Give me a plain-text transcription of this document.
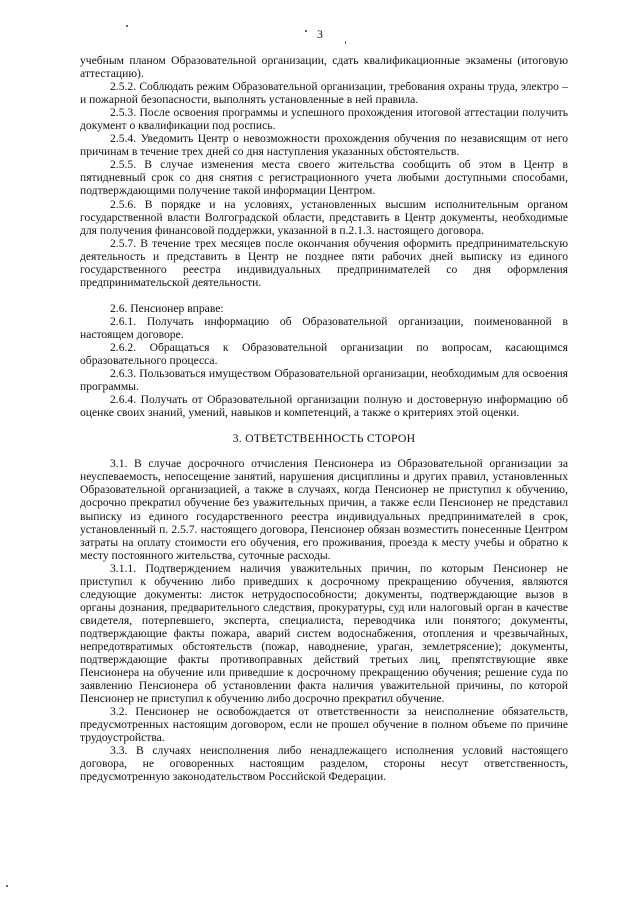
3

учебным планом Образовательной организации, сдать квалификационные экзамены (итоговую аттестацию).

2.5.2. Соблюдать режим Образовательной организации, требования охраны труда, электро – и пожарной безопасности, выполнять установленные в ней правила.

2.5.3. После освоения программы и успешного прохождения итоговой аттестации получить документ о квалификации под роспись.

2.5.4. Уведомить Центр о невозможности прохождения обучения по независящим от него причинам в течение трех дней со дня наступления указанных обстоятельств.

2.5.5. В случае изменения места своего жительства сообщить об этом в Центр в пятидневный срок со дня снятия с регистрационного учета любыми доступными способами, подтверждающими получение такой информации Центром.

2.5.6. В порядке и на условиях, установленных высшим исполнительным органом государственной власти Волгоградской области, представить в Центр документы, необходимые для получения финансовой поддержки, указанной в п.2.1.3. настоящего договора.

2.5.7. В течение трех месяцев после окончания обучения оформить предпринимательскую деятельность и представить в Центр не позднее пяти рабочих дней выписку из единого государственного реестра индивидуальных предпринимателей со дня оформления предпринимательской деятельности.

2.6. Пенсионер вправе:

2.6.1. Получать информацию об Образовательной организации, поименованной в настоящем договоре.

2.6.2. Обращаться к Образовательной организации по вопросам, касающимся образовательного процесса.

2.6.3. Пользоваться имуществом Образовательной организации, необходимым для освоения программы.

2.6.4. Получать от Образовательной организации полную и достоверную информацию об оценке своих знаний, умений, навыков и компетенций, а также о критериях этой оценки.

3. ОТВЕТСТВЕННОСТЬ СТОРОН

3.1. В случае досрочного отчисления Пенсионера из Образовательной организации за неуспеваемость, непосещение занятий, нарушения дисциплины и других правил, установленных Образовательной организацией, а также в случаях, когда Пенсионер не приступил к обучению, досрочно прекратил обучение без уважительных причин, а также если Пенсионер не представил выписку из единого государственного реестра индивидуальных предпринимателей в срок, установленный п. 2.5.7. настоящего договора, Пенсионер обязан возместить понесенные Центром затраты на оплату стоимости его обучения, его проживания, проезда к месту учебы и обратно к месту постоянного жительства, суточные расходы.

3.1.1. Подтверждением наличия уважительных причин, по которым Пенсионер не приступил к обучению либо приведших к досрочному прекращению обучения, являются следующие документы: листок нетрудоспособности; документы, подтверждающие вызов в органы дознания, предварительного следствия, прокуратуры, суд или налоговый орган в качестве свидетеля, потерпевшего, эксперта, специалиста, переводчика или понятого; документы, подтверждающие факты пожара, аварий систем водоснабжения, отопления и чрезвычайных, непредотвратимых обстоятельств (пожар, наводнение, ураган, землетрясение); документы, подтверждающие факты противоправных действий третьих лиц, препятствующие явке Пенсионера на обучение или приведшие к досрочному прекращению обучения; решение суда по заявлению Пенсионера об установлении факта наличия уважительной причины, по которой Пенсионер не приступил к обучению либо досрочно прекратил обучение.

3.2. Пенсионер не освобождается от ответственности за неисполнение обязательств, предусмотренных настоящим договором, если не прошел обучение в полном объеме по причине трудоустройства.

3.3. В случаях неисполнения либо ненадлежащего исполнения условий настоящего договора, не оговоренных настоящим разделом, стороны несут ответственность, предусмотренную законодательством Российской Федерации.
